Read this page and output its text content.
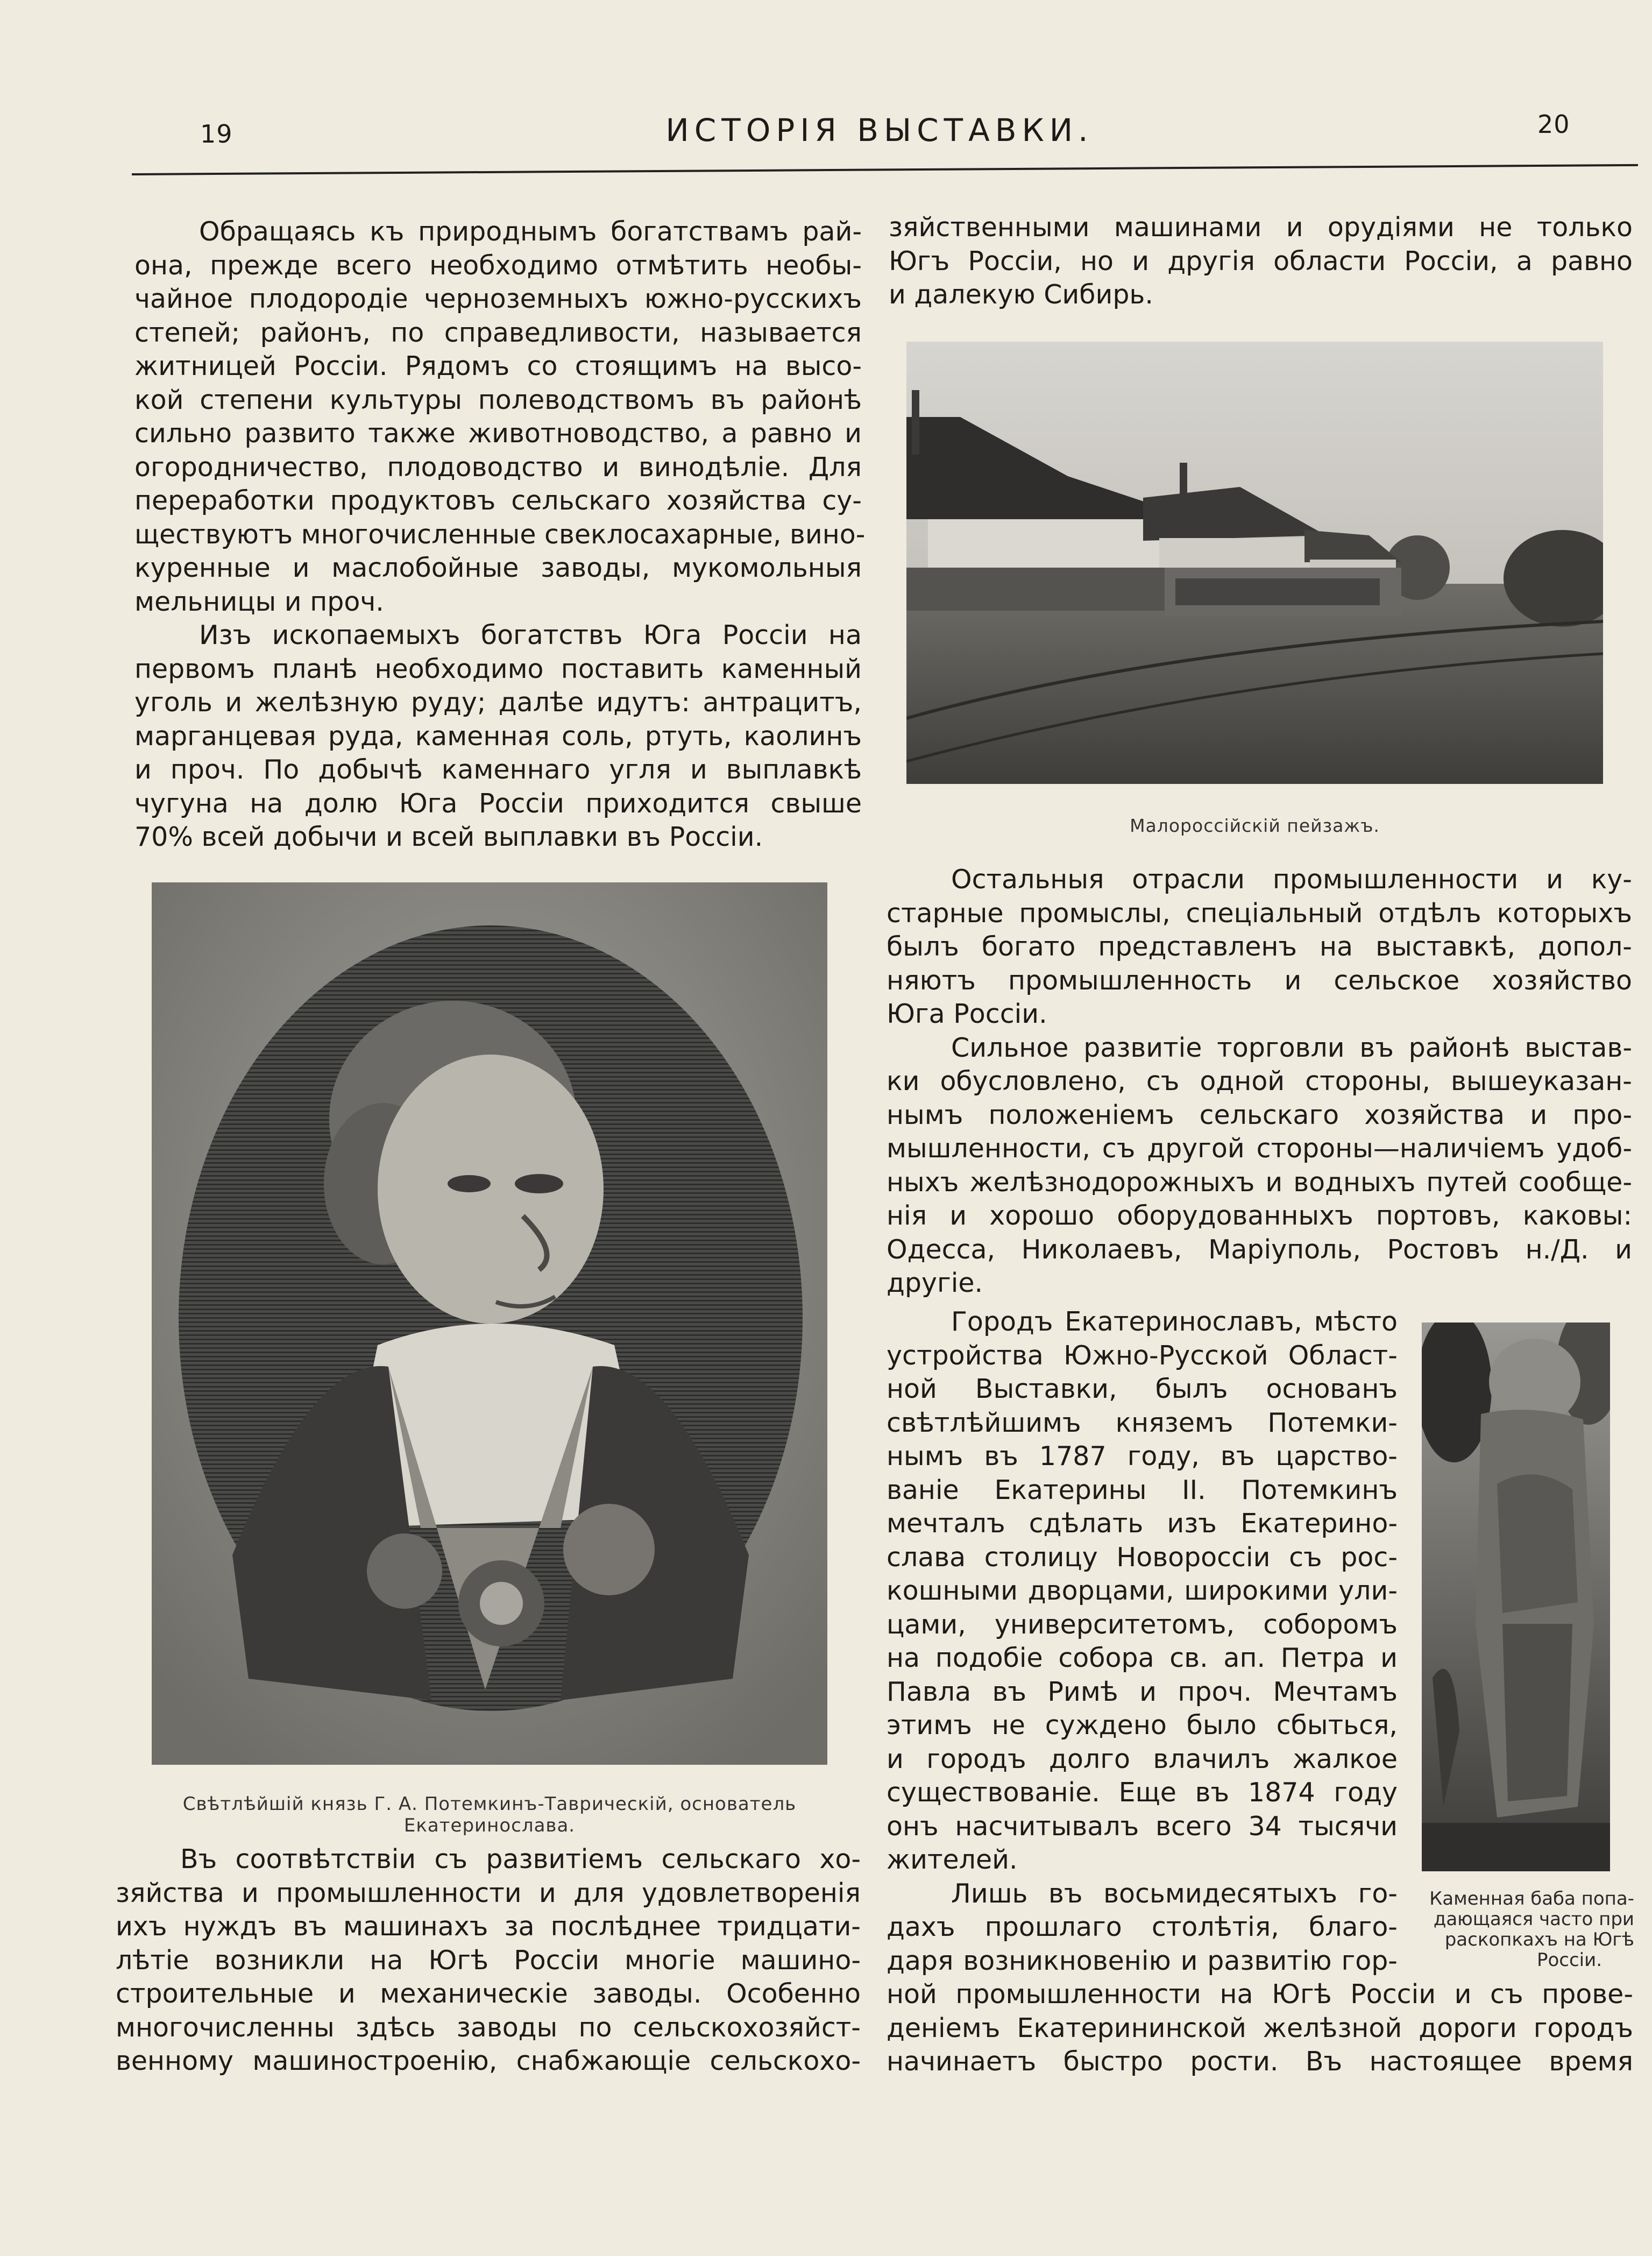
19	ИСТОРІЯ ВЫСТАВКИ.	20

Обращаясь къ природнымъ богатствамъ рай-

она, прежде всего необходимо отмѣтить необы-

чайное плодородіе черноземныхъ южно-русскихъ

степей; районъ, по справедливости, называется

житницей Россіи. Рядомъ со стоящимъ на высо-

кой степени культуры полеводствомъ въ районѣ

сильно развито также животноводство, а равно и

огородничество, плодоводство и винодѣліе. Для

переработки продуктовъ сельскаго хозяйства су-

ществуютъ многочисленные свеклосахарные, вино-

куренные и маслобойные заводы, мукомольныя

мельницы и проч.

Изъ ископаемыхъ богатствъ Юга Россіи на

первомъ планѣ необходимо поставить каменный

уголь и желѣзную руду; далѣе идутъ: антрацитъ,

марганцевая руда, каменная соль, ртуть, каолинъ

и проч. По добычѣ каменнаго угля и выплавкѣ

чугуна на долю Юга Россіи приходится свыше

70% всей добычи и всей выплавки въ Россіи.

Свѣтлѣйшій князь Г. А. Потемкинъ-Таврическій, основатель
Екатеринослава.

Въ соотвѣтствіи съ развитіемъ сельскаго хо-

зяйства и промышленности и для удовлетворенія

ихъ нуждъ въ машинахъ за послѣднее тридцати-

лѣтіе возникли на Югѣ Россіи многіе машино-

строительные и механическіе заводы. Особенно

многочисленны здѣсь заводы по сельскохозяйст-

венному машиностроенію, снабжающіе сельскохо-

зяйственными машинами и орудіями не только

Югъ Россіи, но и другія области Россіи, а равно

и далекую Сибирь.

Малороссійскій пейзажъ.

Остальныя отрасли промышленности и ку-

старные промыслы, спеціальный отдѣлъ которыхъ

былъ богато представленъ на выставкѣ, допол-

няютъ промышленность и сельское хозяйство

Юга Россіи.

Сильное развитіе торговли въ районѣ выстав-

ки обусловлено, съ одной стороны, вышеуказан-

нымъ положеніемъ сельскаго хозяйства и про-

мышленности, съ другой стороны—наличіемъ удоб-

ныхъ желѣзнодорожныхъ и водныхъ путей сообще-

нія и хорошо оборудованныхъ портовъ, каковы:

Одесса, Николаевъ, Маріуполь, Ростовъ н./Д. и

другіе.

Городъ Екатеринославъ, мѣсто

устройства Южно-Русской Област-

ной Выставки, былъ основанъ

свѣтлѣйшимъ княземъ Потемки-

нымъ въ 1787 году, въ царство-

ваніе Екатерины II. Потемкинъ

мечталъ сдѣлать изъ Екатерино-

слава столицу Новороссіи съ рос-

кошными дворцами, широкими ули-

цами, университетомъ, соборомъ

на подобіе собора св. ап. Петра и

Павла въ Римѣ и проч. Мечтамъ

этимъ не суждено было сбыться,

и городъ долго влачилъ жалкое

существованіе. Еще въ 1874 году

онъ насчитывалъ всего 34 тысячи

жителей.

Лишь въ восьмидесятыхъ го-

дахъ прошлаго столѣтія, благо-

даря возникновенію и развитію гор-

Каменная баба попа-
дающаяся часто при
раскопкахъ на Югѣ
Россіи.

ной промышленности на Югѣ Россіи и съ прове-

деніемъ Екатерининской желѣзной дороги городъ

начинаетъ быстро рости. Въ настоящее время
